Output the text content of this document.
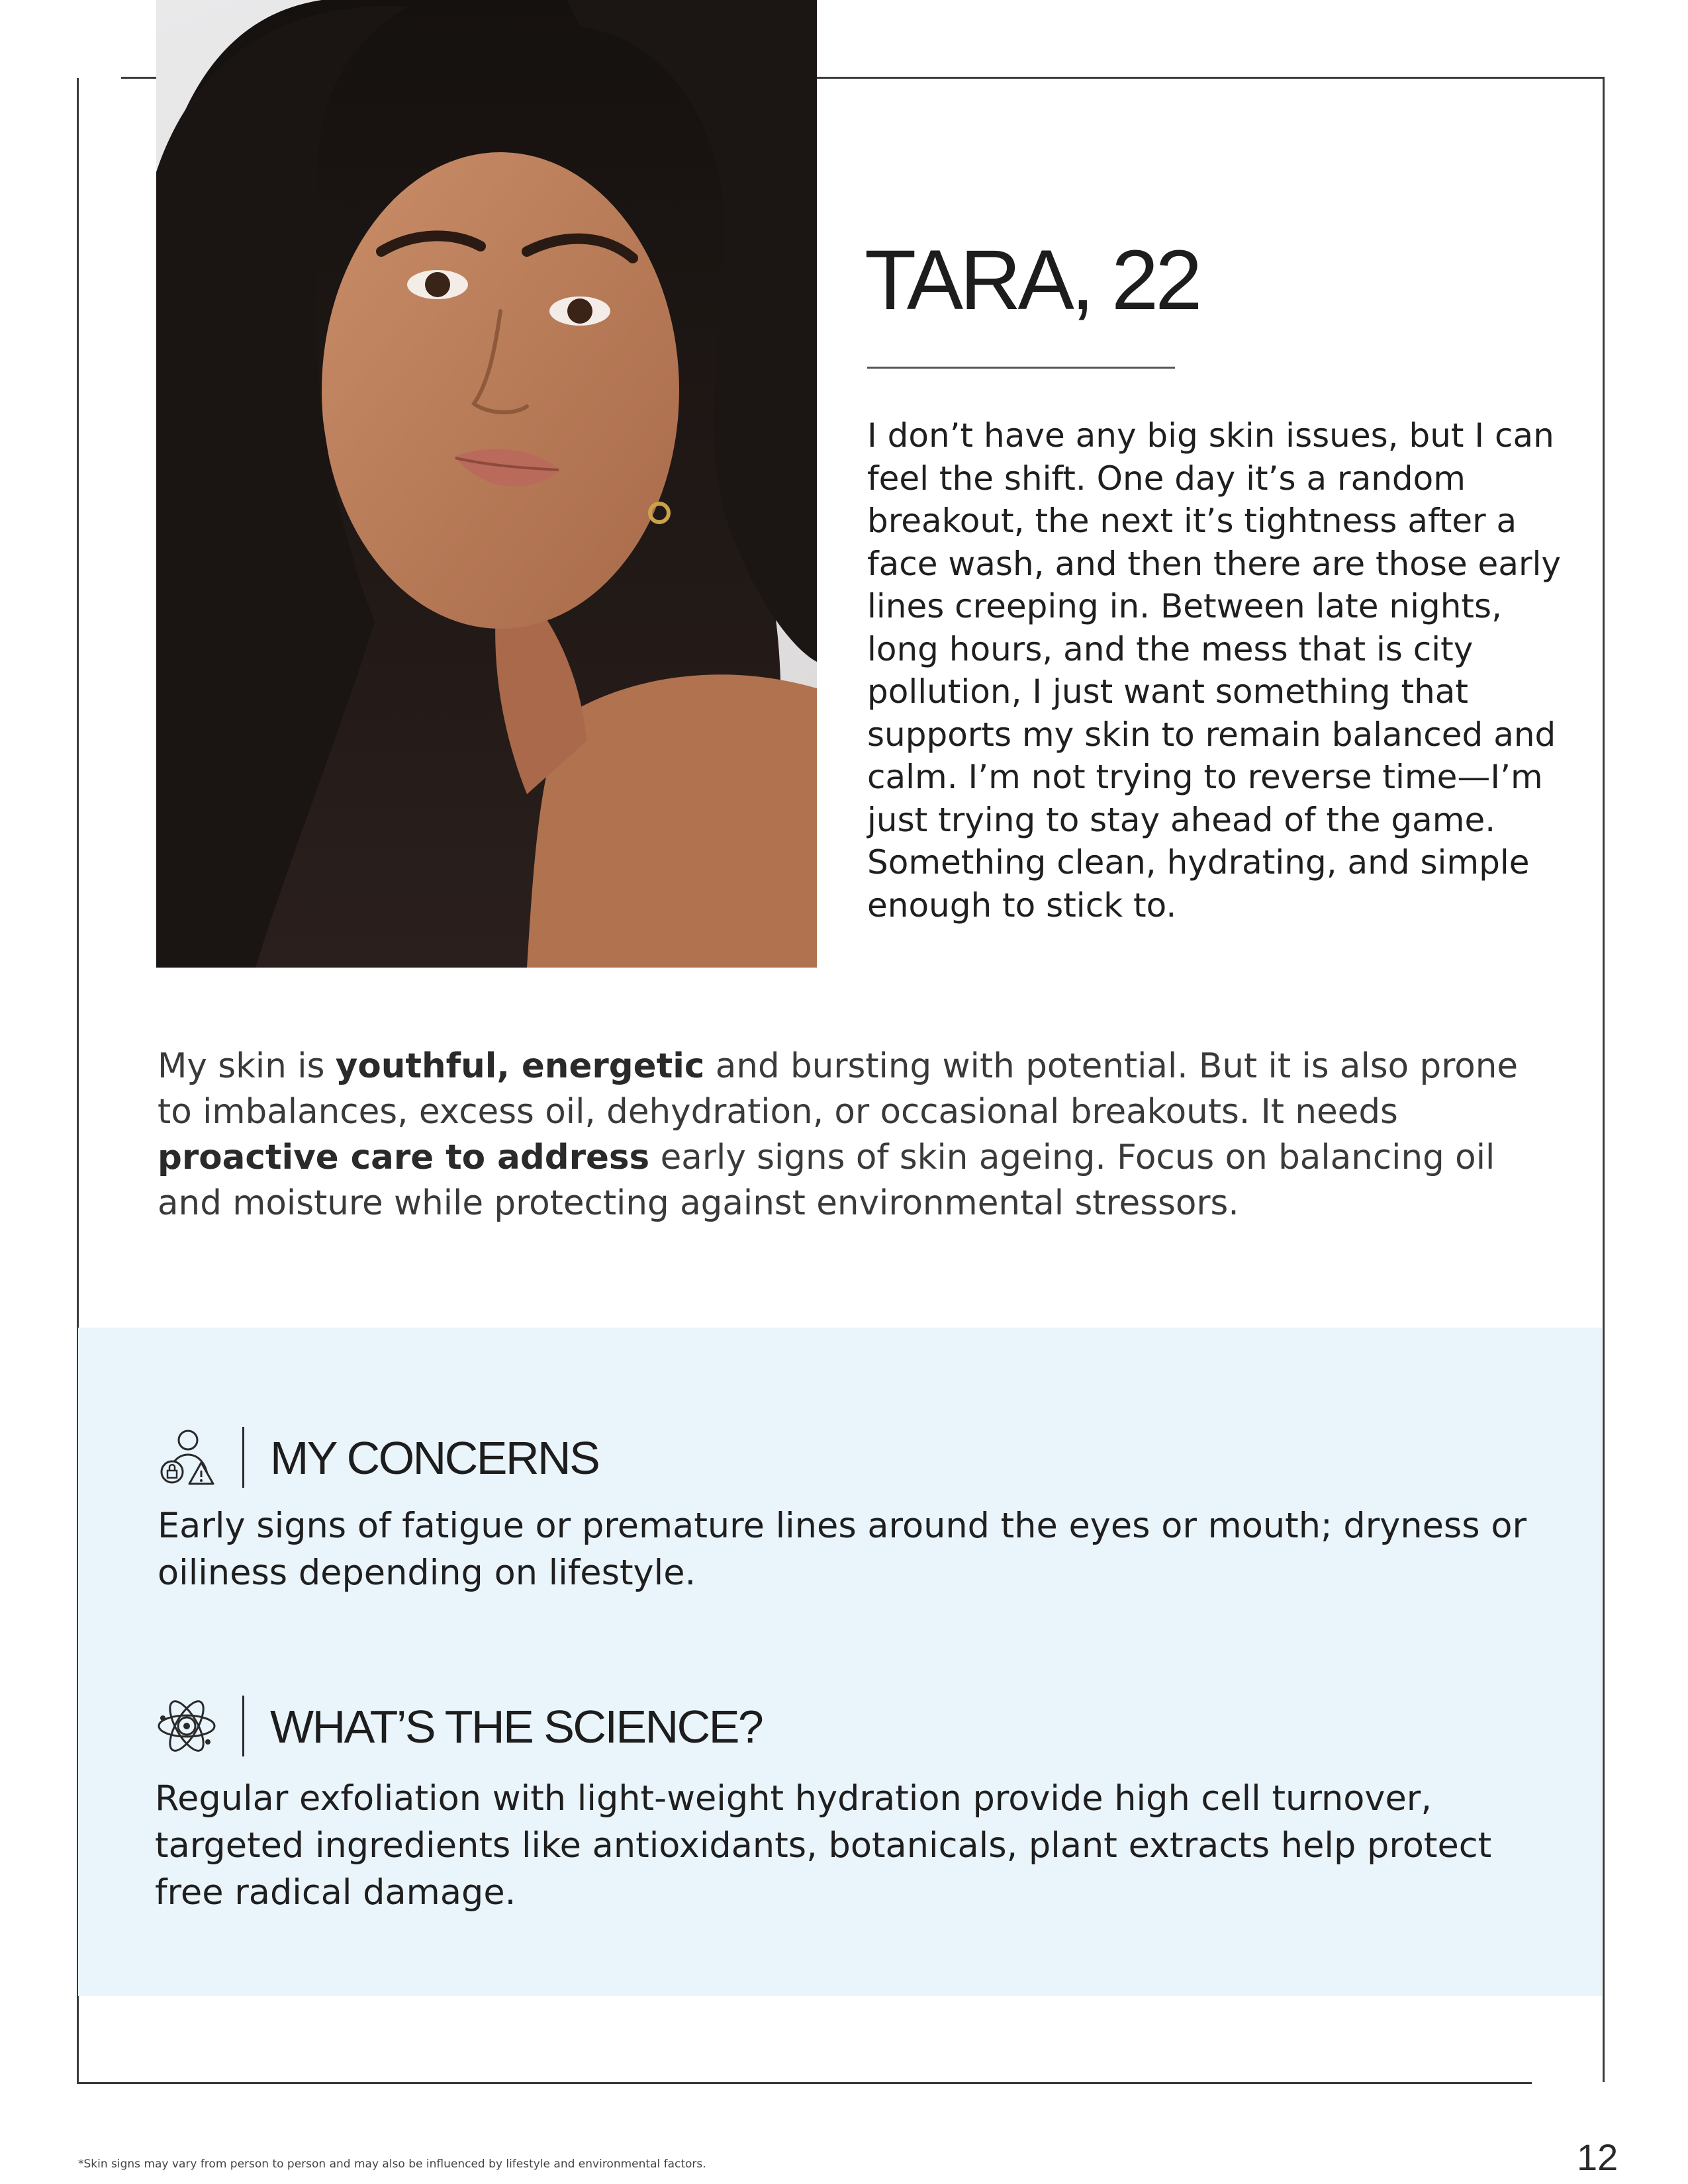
TARA, 22

I don’t have any big skin issues, but I can feel the shift. One day it’s a random breakout, the next it’s tightness after a face wash, and then there are those early lines creeping in. Between late nights, long hours, and the mess that is city pollution, I just want something that supports my skin to remain balanced and calm. I’m not trying to reverse time—I’m just trying to stay ahead of the game. Something clean, hydrating, and simple enough to stick to.

My skin is youthful, energetic and bursting with potential. But it is also prone to imbalances, excess oil, dehydration, or occasional breakouts. It needs proactive care to address early signs of skin ageing. Focus on balancing oil and moisture while protecting against environmental stressors.

MY CONCERNS

Early signs of fatigue or premature lines around the eyes or mouth; dryness or oiliness depending on lifestyle.

WHAT’S THE SCIENCE?

Regular exfoliation with light-weight hydration provide high cell turnover, targeted ingredients like antioxidants, botanicals, plant extracts help protect free radical damage.

*Skin signs may vary from person to person and may also be influenced by lifestyle and environmental factors.	12
